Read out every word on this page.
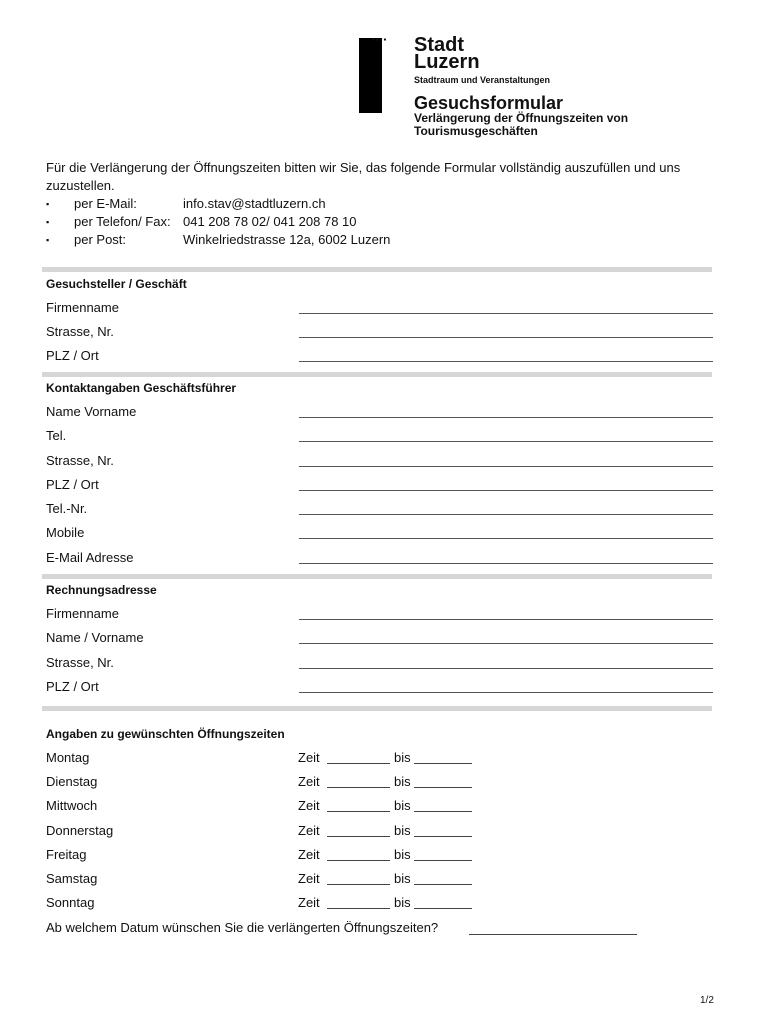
▪▪▪▪ Stadt
Luzern
Stadtraum und Veranstaltungen
Gesuchsformular
Verlängerung der Öffnungszeiten von
Tourismusgeschäften
Für die Verlängerung der Öffnungszeiten bitten wir Sie, das folgende Formular vollständig auszufüllen und uns zuzustellen.
▪ per E-Mail:	info.stav@stadtluzern.ch
▪ per Telefon/ Fax: 041 208 78 02/ 041 208 78 10
▪ per Post:	Winkelriedstrasse 12a, 6002 Luzern
Gesuchsteller / Geschäft
Firmenname
Strasse, Nr.
PLZ / Ort
Kontaktangaben Geschäftsführer
Name Vorname
Tel.
Strasse, Nr.
PLZ / Ort
Tel.-Nr.
Mobile
E-Mail Adresse
Rechnungsadresse
Firmenname
Name / Vorname
Strasse, Nr.
PLZ / Ort
Angaben zu gewünschten Öffnungszeiten
Montag	Zeit	bis
Dienstag	Zeit	bis
Mittwoch	Zeit	bis
Donnerstag	Zeit	bis
Freitag	Zeit	bis
Samstag	Zeit	bis
Sonntag	Zeit	bis
Ab welchem Datum wünschen Sie die verlängerten Öffnungszeiten?
1/2
